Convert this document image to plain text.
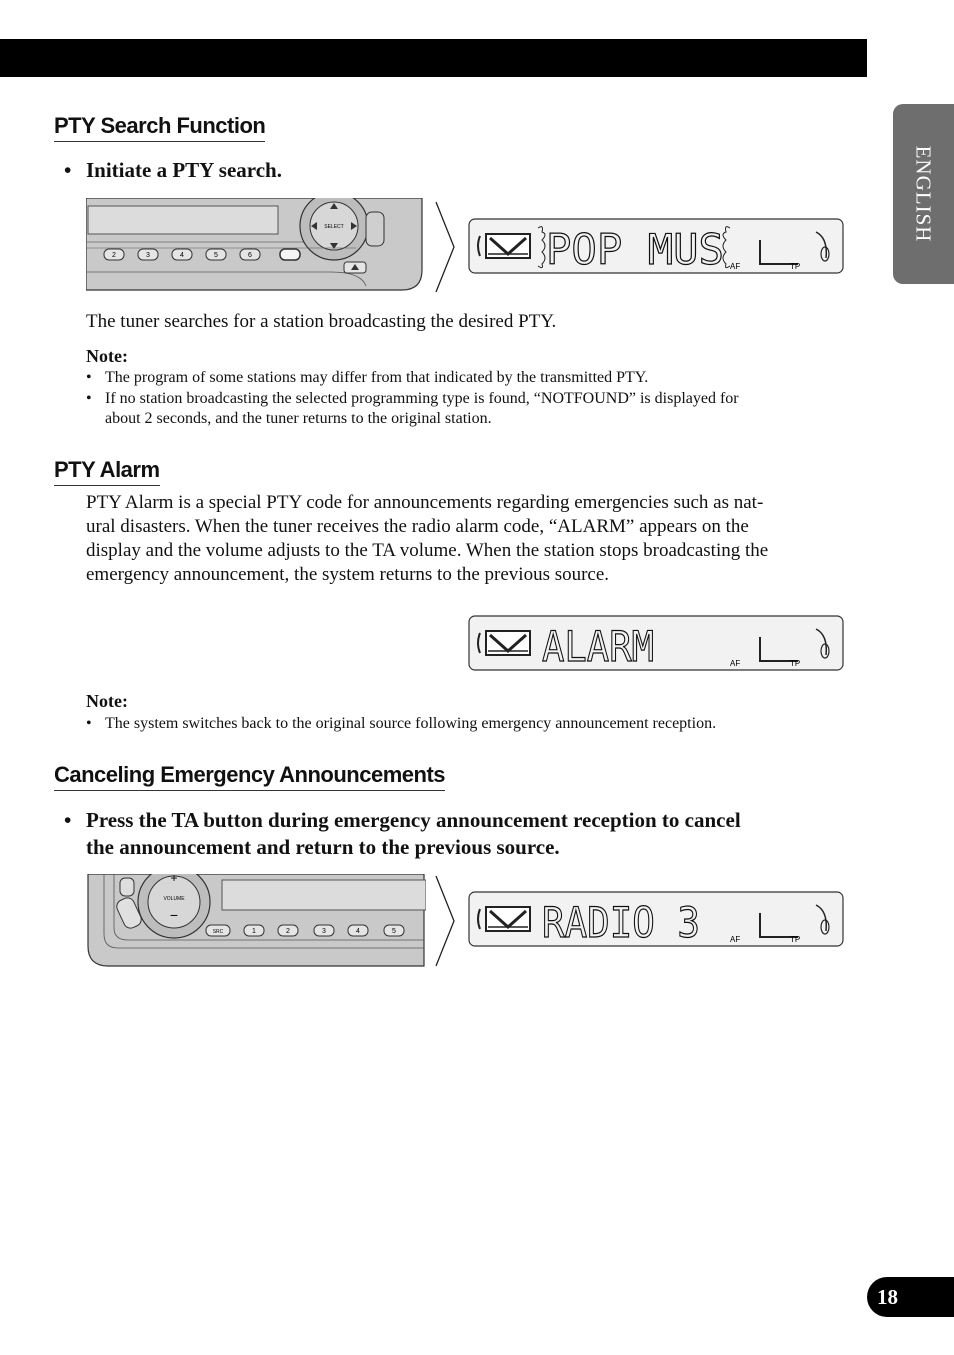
ENGLISH
PTY Search Function
• Initiate a PTY search.
SELECT
2	3	4	5	6	POP MUS AF	TP
The tuner searches for a station broadcasting the desired PTY.
Note:
• The program of some stations may differ from that indicated by the transmitted PTY.
• If no station broadcasting the selected programming type is found, “NOTFOUND” is displayed for
about 2 seconds, and the tuner returns to the original station.
PTY Alarm
PTY Alarm is a special PTY code for announcements regarding emergencies such as nat-
ural disasters. When the tuner receives the radio alarm code, “ALARM” appears on the
display and the volume adjusts to the TA volume. When the station stops broadcasting the
emergency announcement, the system returns to the previous source.
ALARM	AF	TP
Note:
• The system switches back to the original source following emergency announcement reception.
Canceling Emergency Announcements
• Press the TA button during emergency announcement reception to cancel
the announcement and return to the previous source.
+
VOLUME
−
SRC	1	2	3	4	5	RADIO 3	AF	TP
18
